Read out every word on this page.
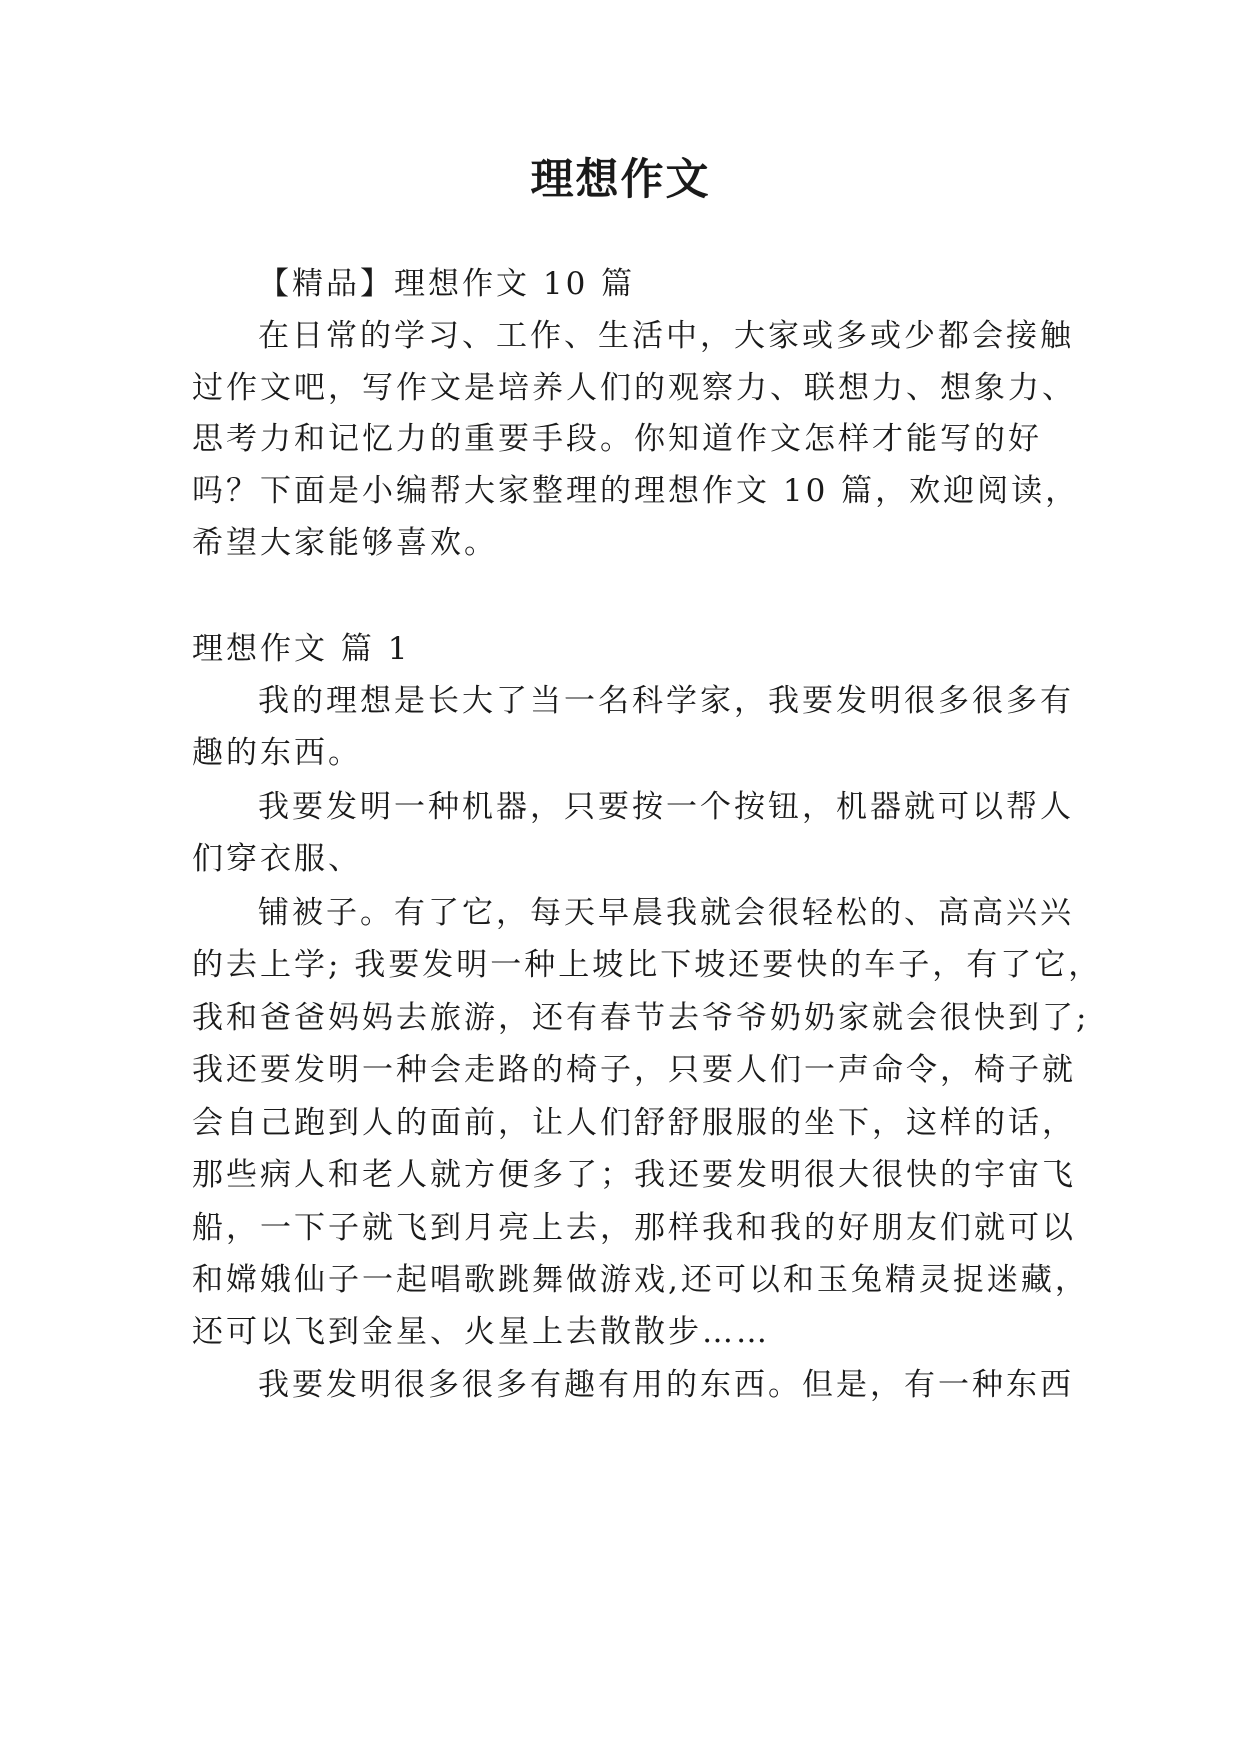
理想作文
【精品】理想作文 10 篇
在日常的学习、工作、生活中，大家或多或少都会接触
过作文吧，写作文是培养人们的观察力、联想力、想象力、
思考力和记忆力的重要手段。你知道作文怎样才能写的好
吗？下面是小编帮大家整理的理想作文 10 篇，欢迎阅读，
希望大家能够喜欢。
理想作文 篇 1
我的理想是长大了当一名科学家，我要发明很多很多有
趣的东西。
我要发明一种机器，只要按一个按钮，机器就可以帮人
们穿衣服、
铺被子。有了它，每天早晨我就会很轻松的、高高兴兴
的去上学; 我要发明一种上坡比下坡还要快的车子，有了它，
我和爸爸妈妈去旅游，还有春节去爷爷奶奶家就会很快到了;
我还要发明一种会走路的椅子，只要人们一声命令，椅子就
会自己跑到人的面前，让人们舒舒服服的坐下，这样的话，
那些病人和老人就方便多了；我还要发明很大很快的宇宙飞
船，一下子就飞到月亮上去，那样我和我的好朋友们就可以
和嫦娥仙子一起唱歌跳舞做游戏,还可以和玉兔精灵捉迷藏，
还可以飞到金星、火星上去散散步……
我要发明很多很多有趣有用的东西。但是，有一种东西
